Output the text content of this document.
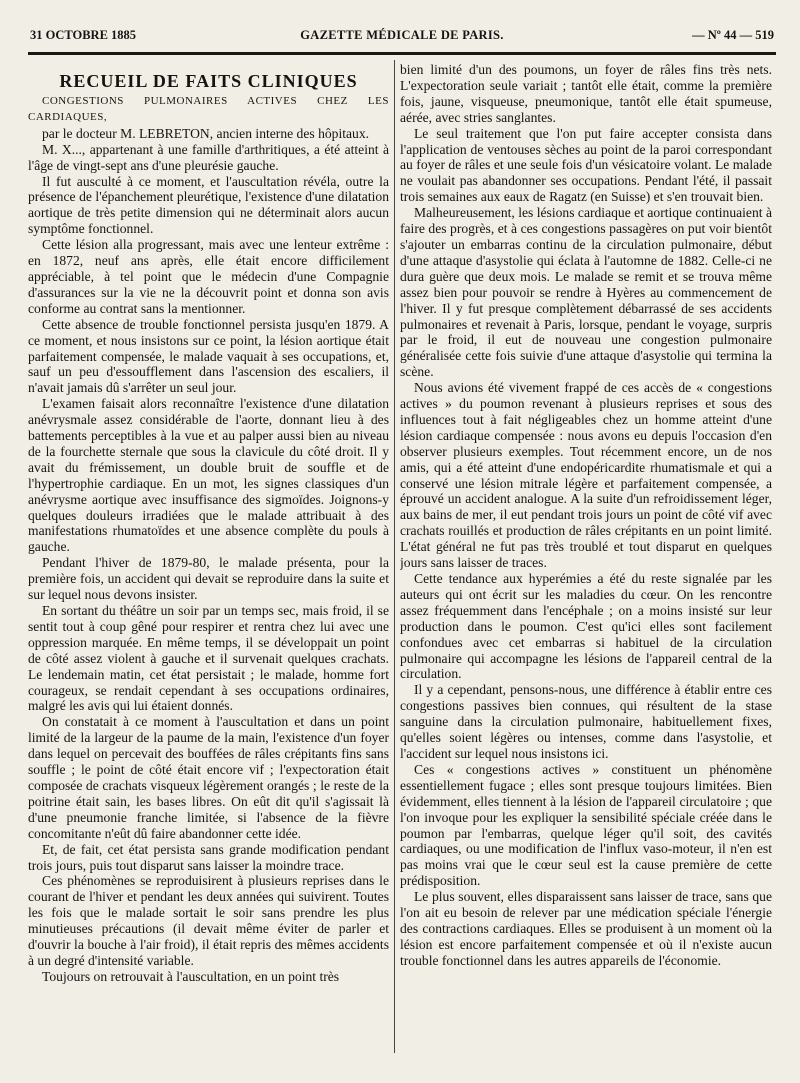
31 OCTOBRE 1885	GAZETTE MÉDICALE DE PARIS.	— Nº 44 — 519
RECUEIL DE FAITS CLINIQUES

CONGESTIONS PULMONAIRES ACTIVES CHEZ LES CARDIAQUES,

par le docteur M. LEBRETON, ancien interne des hôpitaux.

M. X..., appartenant à une famille d'arthritiques, a été atteint à l'âge de vingt-sept ans d'une pleurésie gauche.

Il fut ausculté à ce moment, et l'auscultation révéla, outre la présence de l'épanchement pleurétique, l'existence d'une dilatation aortique de très petite dimension qui ne déterminait alors aucun symptôme fonctionnel.

Cette lésion alla progressant, mais avec une lenteur extrême : en 1872, neuf ans après, elle était encore difficilement appréciable, à tel point que le médecin d'une Compagnie d'assurances sur la vie ne la découvrit point et donna son avis conforme au contrat sans la mentionner.

Cette absence de trouble fonctionnel persista jusqu'en 1879. A ce moment, et nous insistons sur ce point, la lésion aortique était parfaitement compensée, le malade vaquait à ses occupations, et, sauf un peu d'essoufflement dans l'ascension des escaliers, il n'avait jamais dû s'arrêter un seul jour.

L'examen faisait alors reconnaître l'existence d'une dilatation anévrysmale assez considérable de l'aorte, donnant lieu à des battements perceptibles à la vue et au palper aussi bien au niveau de la fourchette sternale que sous la clavicule du côté droit. Il y avait du frémissement, un double bruit de souffle et de l'hypertrophie cardiaque. En un mot, les signes classiques d'un anévrysme aortique avec insuffisance des sigmoïdes. Joignons-y quelques douleurs irradiées que le malade attribuait à des manifestations rhumatoïdes et une absence complète du pouls à gauche.

Pendant l'hiver de 1879-80, le malade présenta, pour la première fois, un accident qui devait se reproduire dans la suite et sur lequel nous devons insister.

En sortant du théâtre un soir par un temps sec, mais froid, il se sentit tout à coup gêné pour respirer et rentra chez lui avec une oppression marquée. En même temps, il se développait un point de côté assez violent à gauche et il survenait quelques crachats. Le lendemain matin, cet état persistait ; le malade, homme fort courageux, se rendait cependant à ses occupations ordinaires, malgré les avis qui lui étaient donnés.

On constatait à ce moment à l'auscultation et dans un point limité de la largeur de la paume de la main, l'existence d'un foyer dans lequel on percevait des bouffées de râles crépitants fins sans souffle ; le point de côté était encore vif ; l'expectoration était composée de crachats visqueux légèrement orangés ; le reste de la poitrine était sain, les bases libres. On eût dit qu'il s'agissait là d'une pneumonie franche limitée, si l'absence de la fièvre concomitante n'eût dû faire abandonner cette idée.

Et, de fait, cet état persista sans grande modification pendant trois jours, puis tout disparut sans laisser la moindre trace.

Ces phénomènes se reproduisirent à plusieurs reprises dans le courant de l'hiver et pendant les deux années qui suivirent. Toutes les fois que le malade sortait le soir sans prendre les plus minutieuses précautions (il devait même éviter de parler et d'ouvrir la bouche à l'air froid), il était repris des mêmes accidents à un degré d'intensité variable.

Toujours on retrouvait à l'auscultation, en un point très

bien limité d'un des poumons, un foyer de râles fins très nets. L'expectoration seule variait ; tantôt elle était, comme la première fois, jaune, visqueuse, pneumonique, tantôt elle était spumeuse, aérée, avec stries sanglantes.

Le seul traitement que l'on put faire accepter consista dans l'application de ventouses sèches au point de la paroi correspondant au foyer de râles et une seule fois d'un vésicatoire volant. Le malade ne voulait pas abandonner ses occupations. Pendant l'été, il passait trois semaines aux eaux de Ragatz (en Suisse) et s'en trouvait bien.

Malheureusement, les lésions cardiaque et aortique continuaient à faire des progrès, et à ces congestions passagères on put voir bientôt s'ajouter un embarras continu de la circulation pulmonaire, début d'une attaque d'asystolie qui éclata à l'automne de 1882. Celle-ci ne dura guère que deux mois. Le malade se remit et se trouva même assez bien pour pouvoir se rendre à Hyères au commencement de l'hiver. Il y fut presque complètement débarrassé de ses accidents pulmonaires et revenait à Paris, lorsque, pendant le voyage, surpris par le froid, il eut de nouveau une congestion pulmonaire généralisée cette fois suivie d'une attaque d'asystolie qui termina la scène.

Nous avions été vivement frappé de ces accès de « congestions actives » du poumon revenant à plusieurs reprises et sous des influences tout à fait négligeables chez un homme atteint d'une lésion cardiaque compensée : nous avons eu depuis l'occasion d'en observer plusieurs exemples. Tout récemment encore, un de nos amis, qui a été atteint d'une endopéricardite rhumatismale et qui a conservé une lésion mitrale légère et parfaitement compensée, a éprouvé un accident analogue. A la suite d'un refroidissement léger, aux bains de mer, il eut pendant trois jours un point de côté vif avec crachats rouillés et production de râles crépitants en un point limité. L'état général ne fut pas très troublé et tout disparut en quelques jours sans laisser de traces.

Cette tendance aux hyperémies a été du reste signalée par les auteurs qui ont écrit sur les maladies du cœur. On les rencontre assez fréquemment dans l'encéphale ; on a moins insisté sur leur production dans le poumon. C'est qu'ici elles sont facilement confondues avec cet embarras si habituel de la circulation pulmonaire qui accompagne les lésions de l'appareil central de la circulation.

Il y a cependant, pensons-nous, une différence à établir entre ces congestions passives bien connues, qui résultent de la stase sanguine dans la circulation pulmonaire, habituellement fixes, qu'elles soient légères ou intenses, comme dans l'asystolie, et l'accident sur lequel nous insistons ici.

Ces « congestions actives » constituent un phénomène essentiellement fugace ; elles sont presque toujours limitées. Bien évidemment, elles tiennent à la lésion de l'appareil circulatoire ; que l'on invoque pour les expliquer la sensibilité spéciale créée dans le poumon par l'embarras, quelque léger qu'il soit, des cavités cardiaques, ou une modification de l'influx vaso-moteur, il n'en est pas moins vrai que le cœur seul est la cause première de cette prédisposition.

Le plus souvent, elles disparaissent sans laisser de trace, sans que l'on ait eu besoin de relever par une médication spéciale l'énergie des contractions cardiaques. Elles se produisent à un moment où la lésion est encore parfaitement compensée et où il n'existe aucun trouble fonctionnel dans les autres appareils de l'économie.
